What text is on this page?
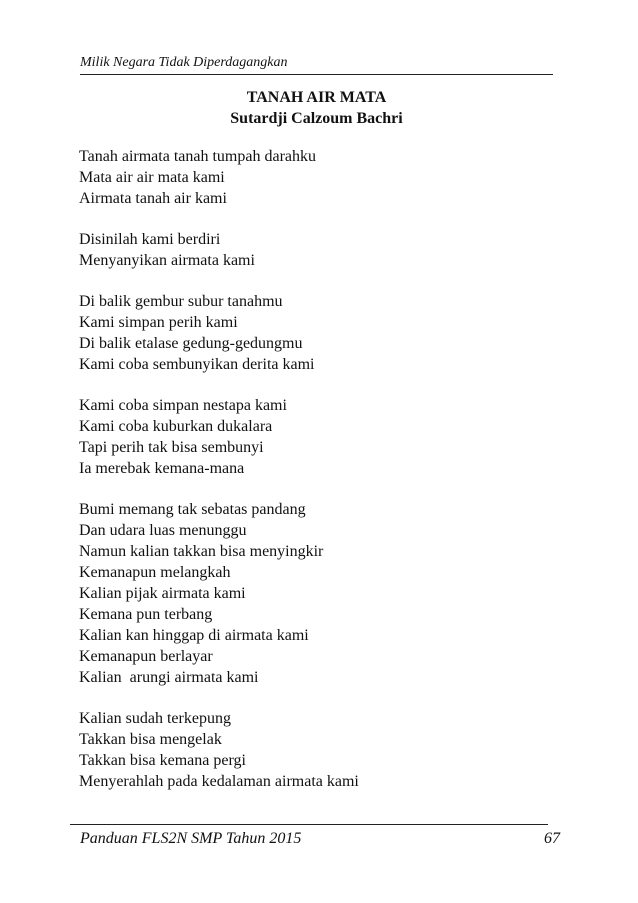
Milik Negara Tidak Diperdagangkan
TANAH AIR MATA
Sutardji Calzoum Bachri
Tanah airmata tanah tumpah darahku
Mata air air mata kami
Airmata tanah air kami
Disinilah kami berdiri
Menyanyikan airmata kami
Di balik gembur subur tanahmu
Kami simpan perih kami
Di balik etalase gedung-gedungmu
Kami coba sembunyikan derita kami
Kami coba simpan nestapa kami
Kami coba kuburkan dukalara
Tapi perih tak bisa sembunyi
Ia merebak kemana-mana
Bumi memang tak sebatas pandang
Dan udara luas menunggu
Namun kalian takkan bisa menyingkir
Kemanapun melangkah
Kalian pijak airmata kami
Kemana pun terbang
Kalian kan hinggap di airmata kami
Kemanapun berlayar
Kalian  arungi airmata kami
Kalian sudah terkepung
Takkan bisa mengelak
Takkan bisa kemana pergi
Menyerahlah pada kedalaman airmata kami
Panduan FLS2N SMP Tahun 2015	67
